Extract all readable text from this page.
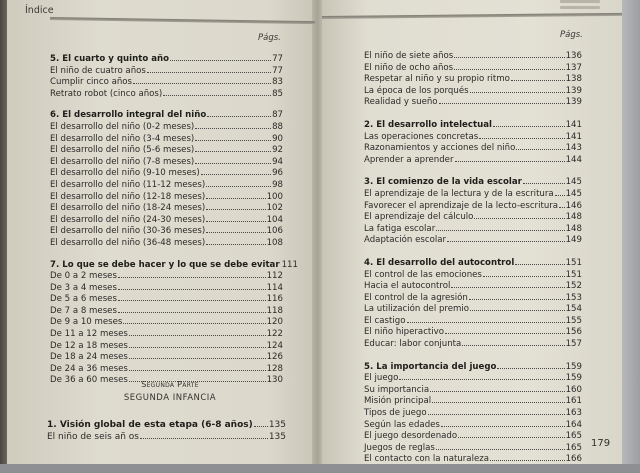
Índice
Págs.	Págs.
5. El cuarto y quinto año	77
El niño de cuatro años	77
Cumplir cinco años	83
Retrato robot (cinco años)	85
6. El desarrollo integral del niño	87
El desarrollo del niño (0-2 meses)	88
El desarrollo del niño (3-4 meses)	90
El desarrollo del niño (5-6 meses)	92
El desarrollo del niño (7-8 meses)	94
El desarrollo del niño (9-10 meses)	96
El desarrollo del niño (11-12 meses)	98
El desarrollo del niño (12-18 meses)	100
El desarrollo del niño (18-24 meses)	102
El desarrollo del niño (24-30 meses)	104
El desarrollo del niño (30-36 meses)	106
El desarrollo del niño (36-48 meses)	108
7. Lo que se debe hacer y lo que se debe evitar 111
De 0 a 2 meses	112
De 3 a 4 meses	114
De 5 a 6 meses	116
De 7 a 8 meses	118
De 9 a 10 meses	120
De 11 a 12 meses	122
De 12 a 18 meses	124
De 18 a 24 meses	126
De 24 a 36 meses	128
De 36 a 60 meses	130
Segunda Parte
SEGUNDA INFANCIA
1. Visión global de esta etapa (6-8 años) 135
El niño de seis añ os	135
El niño de siete años	136
El niño de ocho años	137
Respetar al niño y su propio ritmo	138
La época de los porqués	139
Realidad y sueño	139
2. El desarrollo intelectual	141
Las operaciones concretas	141
Razonamientos y acciones del niño	143
Aprender a aprender	144
3. El comienzo de la vida escolar	145
El aprendizaje de la lectura y de la escritura 145
Favorecer el aprendizaje de la lecto-escritura 146
El aprendizaje del cálculo	148
La fatiga escolar	148
Adaptación escolar	149
4. El desarrollo del autocontrol	151
El control de las emociones	151
Hacia el autocontrol	152
El control de la agresión	153
La utilización del premio	154
El castigo	155
El niño hiperactivo	156
Educar: labor conjunta	157
5. La importancia del juego	159
El juego	159
Su importancia	160
Misión principal	161
Tipos de juego	163
Según las edades	164
El juego desordenado	165
Juegos de reglas	165
El contacto con la naturaleza	166
179
